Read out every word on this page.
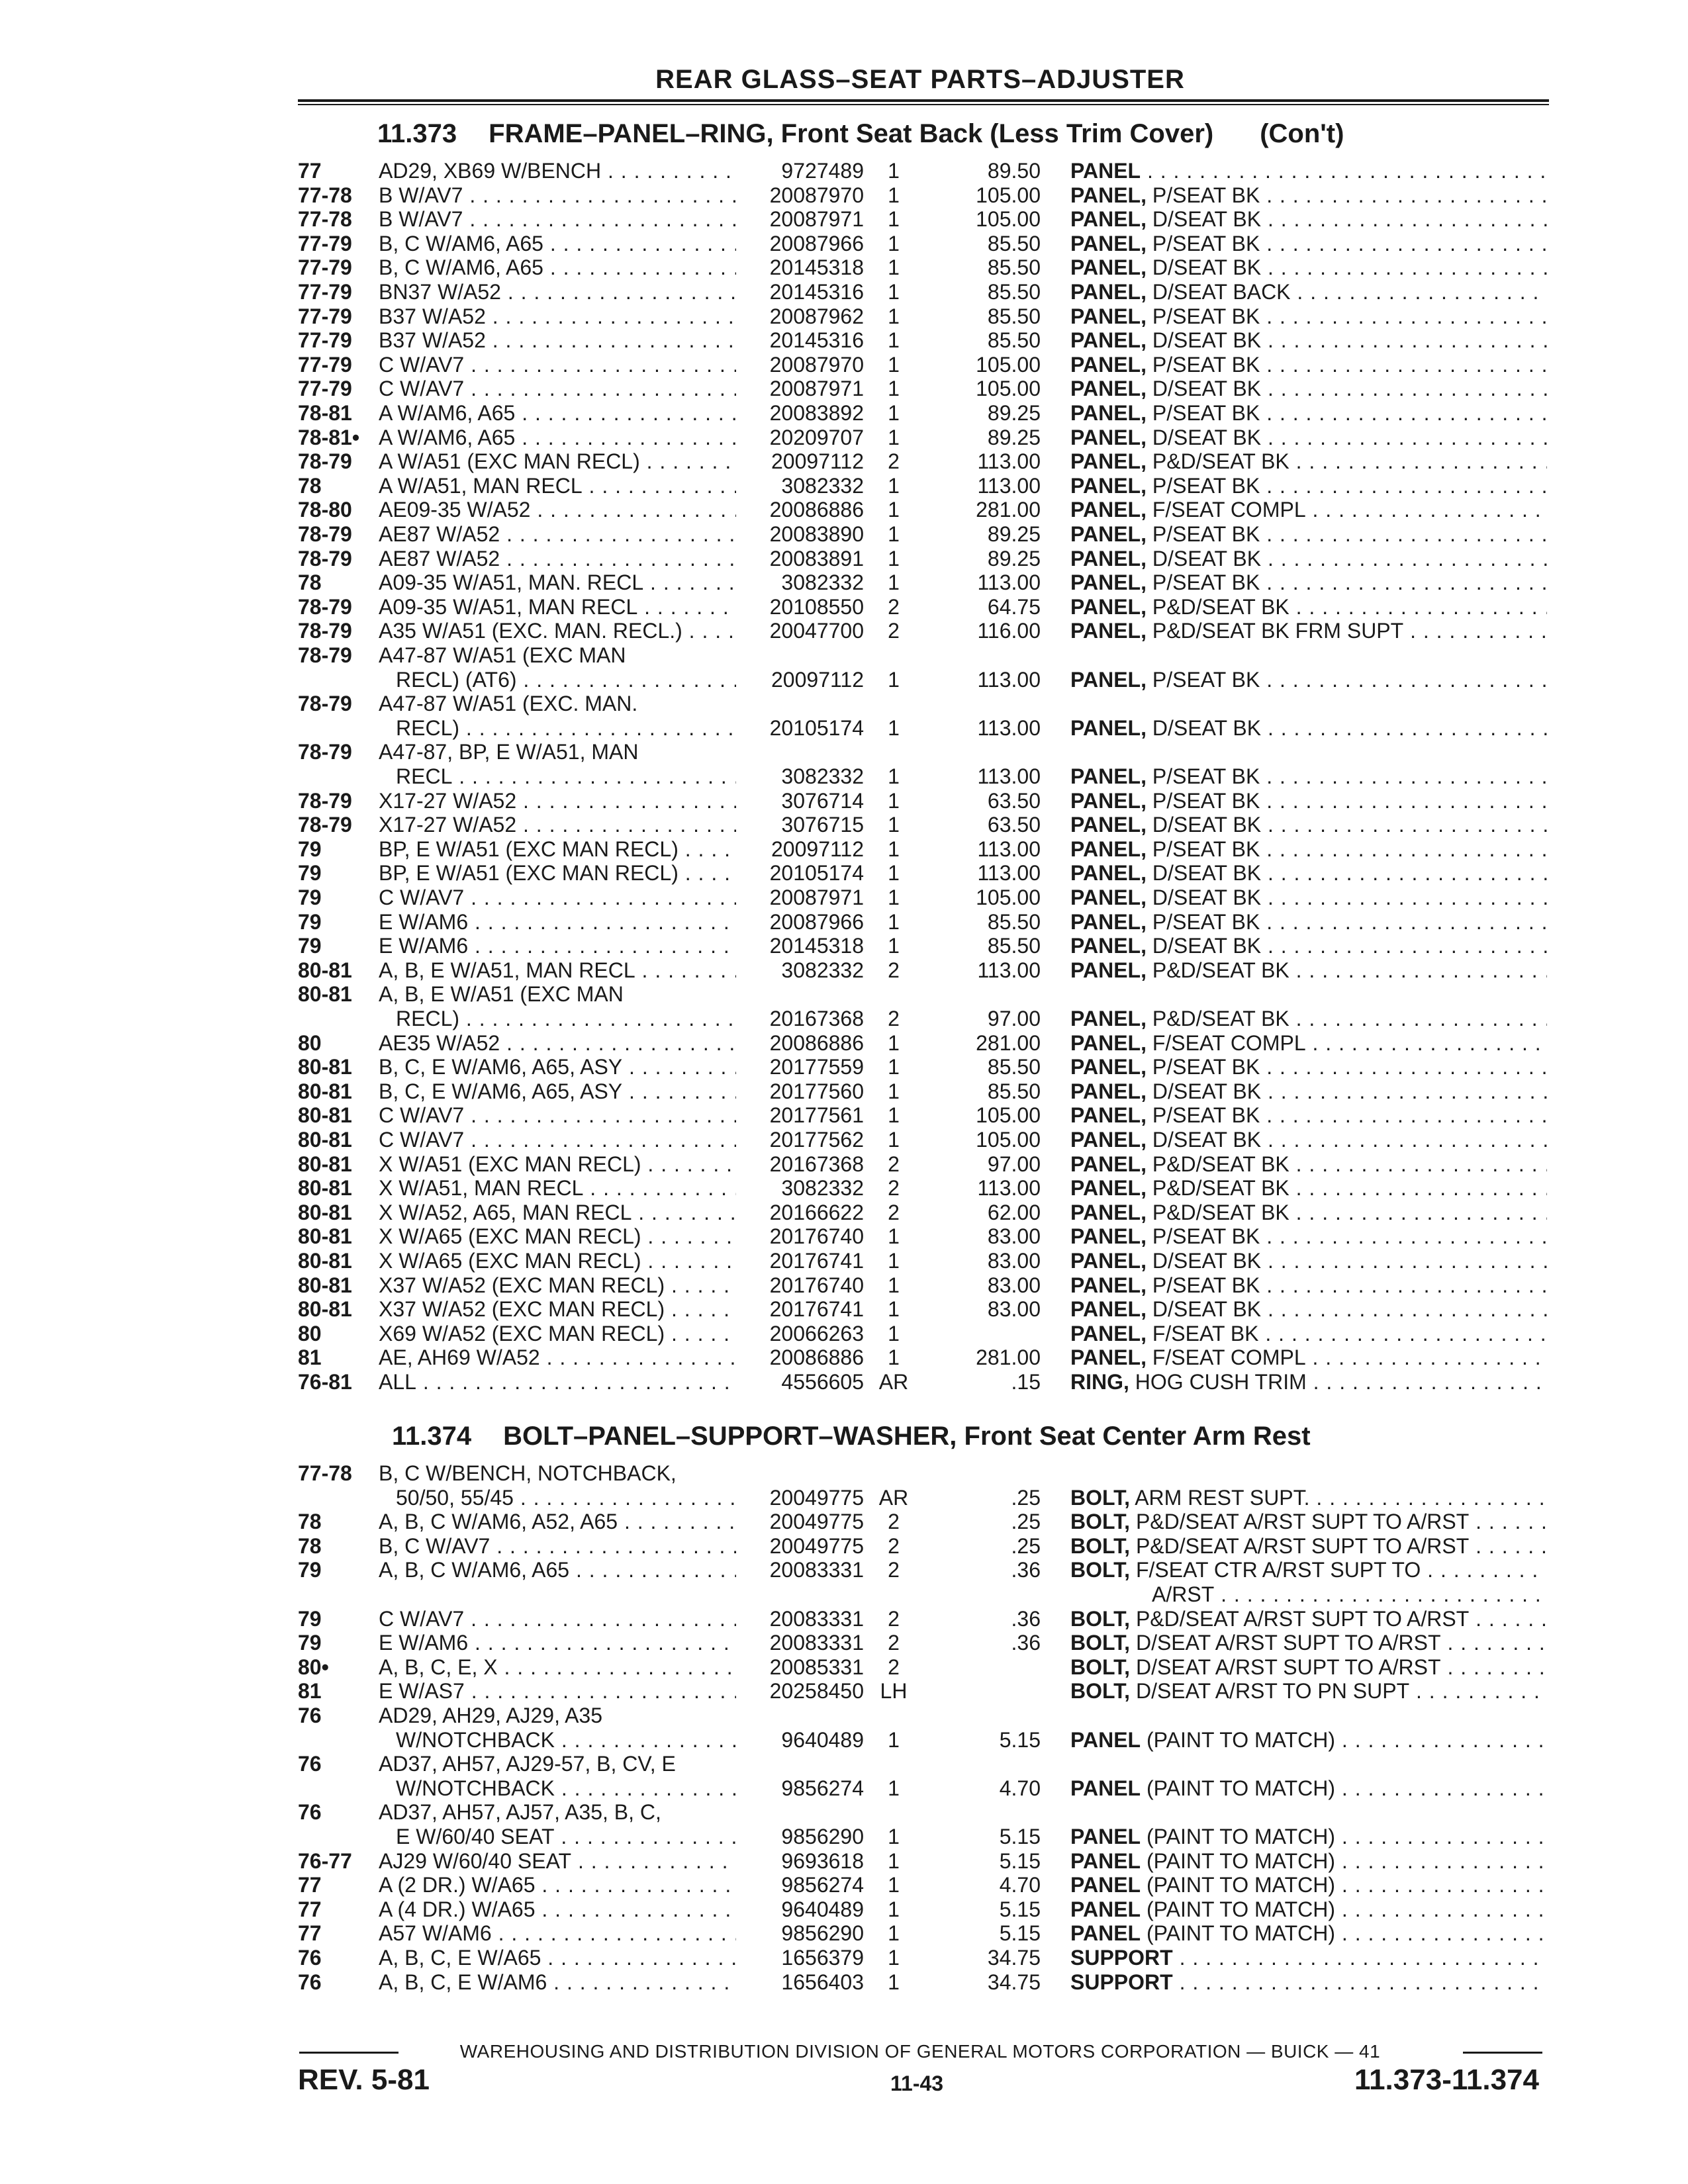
REAR GLASS–SEAT PARTS–ADJUSTER
11.373 FRAME–PANEL–RING, Front Seat Back (Less Trim Cover) (Con't)
77	AD29, XB69 W/BENCH . . .	9727489	1	89.50 PANEL . . .
77-78 B W/AV7 . . .	20087970	1	105.00 PANEL, P/SEAT BK . . .
77-78 B W/AV7 . . .	20087971	1	105.00 PANEL, D/SEAT BK . . .
77-79 B, C W/AM6, A65 . . .	20087966	1	85.50 PANEL, P/SEAT BK . . .
77-79 B, C W/AM6, A65 . . .	20145318	1	85.50 PANEL, D/SEAT BK . . .
77-79 BN37 W/A52 . . .	20145316	1	85.50 PANEL, D/SEAT BACK . . .
77-79 B37 W/A52 . . .	20087962	1	85.50 PANEL, P/SEAT BK . . .
77-79 B37 W/A52 . . .	20145316	1	85.50 PANEL, D/SEAT BK . . .
77-79 C W/AV7 . . .	20087970	1	105.00 PANEL, P/SEAT BK . . .
77-79 C W/AV7 . . .	20087971	1	105.00 PANEL, D/SEAT BK . . .
78-81 A W/AM6, A65 . . .	20083892	1	89.25 PANEL, P/SEAT BK . . .
78-81• A W/AM6, A65 . . .	20209707	1	89.25 PANEL, D/SEAT BK . . .
78-79 A W/A51 (EXC MAN RECL) . . .	20097112	2	113.00 PANEL, P&D/SEAT BK . . .
78	A W/A51, MAN RECL . . .	3082332	1	113.00 PANEL, P/SEAT BK . . .
78-80 AE09-35 W/A52 . . .	20086886	1	281.00 PANEL, F/SEAT COMPL . . .
78-79 AE87 W/A52 . . .	20083890	1	89.25 PANEL, P/SEAT BK . . .
78-79 AE87 W/A52 . . .	20083891	1	89.25 PANEL, D/SEAT BK . . .
78	A09-35 W/A51, MAN. RECL . . .	3082332	1	113.00 PANEL, P/SEAT BK . . .
78-79 A09-35 W/A51, MAN RECL . . .	20108550	2	64.75 PANEL, P&D/SEAT BK . . .
78-79 A35 W/A51 (EXC. MAN. RECL.) . . .	20047700	2	116.00 PANEL, P&D/SEAT BK FRM SUPT . . .
78-79 A47-87 W/A51 (EXC MAN
RECL) (AT6) . . .	20097112	1	113.00 PANEL, P/SEAT BK . . .
78-79 A47-87 W/A51 (EXC. MAN.
RECL) . . .	20105174	1	113.00 PANEL, D/SEAT BK . . .
78-79 A47-87, BP, E W/A51, MAN
RECL . . .	3082332	1	113.00 PANEL, P/SEAT BK . . .
78-79 X17-27 W/A52 . . .	3076714	1	63.50 PANEL, P/SEAT BK . . .
78-79 X17-27 W/A52 . . .	3076715	1	63.50 PANEL, D/SEAT BK . . .
79	BP, E W/A51 (EXC MAN RECL) . . .	20097112	1	113.00 PANEL, P/SEAT BK . . .
79	BP, E W/A51 (EXC MAN RECL) . . .	20105174	1	113.00 PANEL, D/SEAT BK . . .
79	C W/AV7 . . .	20087971	1	105.00 PANEL, D/SEAT BK . . .
79	E W/AM6 . . .	20087966	1	85.50 PANEL, P/SEAT BK . . .
79	E W/AM6 . . .	20145318	1	85.50 PANEL, D/SEAT BK . . .
80-81 A, B, E W/A51, MAN RECL . . .	3082332	2	113.00 PANEL, P&D/SEAT BK . . .
80-81 A, B, E W/A51 (EXC MAN
RECL) . . .	20167368	2	97.00 PANEL, P&D/SEAT BK . . .
80	AE35 W/A52 . . .	20086886	1	281.00 PANEL, F/SEAT COMPL . . .
80-81 B, C, E W/AM6, A65, ASY . . .	20177559	1	85.50 PANEL, P/SEAT BK . . .
80-81 B, C, E W/AM6, A65, ASY . . .	20177560	1	85.50 PANEL, D/SEAT BK . . .
80-81 C W/AV7 . . .	20177561	1	105.00 PANEL, P/SEAT BK . . .
80-81 C W/AV7 . . .	20177562	1	105.00 PANEL, D/SEAT BK . . .
80-81 X W/A51 (EXC MAN RECL) . . .	20167368	2	97.00 PANEL, P&D/SEAT BK . . .
80-81 X W/A51, MAN RECL . . .	3082332	2	113.00 PANEL, P&D/SEAT BK . . .
80-81 X W/A52, A65, MAN RECL . . .	20166622	2	62.00 PANEL, P&D/SEAT BK . . .
80-81 X W/A65 (EXC MAN RECL) . . .	20176740	1	83.00 PANEL, P/SEAT BK . . .
80-81 X W/A65 (EXC MAN RECL) . . .	20176741	1	83.00 PANEL, D/SEAT BK . . .
80-81 X37 W/A52 (EXC MAN RECL) . . .	20176740	1	83.00 PANEL, P/SEAT BK . . .
80-81 X37 W/A52 (EXC MAN RECL) . . .	20176741	1	83.00 PANEL, D/SEAT BK . . .
80	X69 W/A52 (EXC MAN RECL) . . .	20066263	1	PANEL, F/SEAT BK . . .
81	AE, AH69 W/A52 . . .	20086886	1	281.00 PANEL, F/SEAT COMPL . . .
76-81 ALL . . .	4556605 AR	.15 RING, HOG CUSH TRIM . . .
11.374 BOLT–PANEL–SUPPORT–WASHER, Front Seat Center Arm Rest
77-78 B, C W/BENCH, NOTCHBACK,
50/50, 55/45 . . .	20049775 AR	.25 BOLT, ARM REST SUPT. . . .
78	A, B, C W/AM6, A52, A65 . . .	20049775	2	.25 BOLT, P&D/SEAT A/RST SUPT TO A/RST . . .
78	B, C W/AV7 . . .	20049775	2	.25 BOLT, P&D/SEAT A/RST SUPT TO A/RST . . .
79	A, B, C W/AM6, A65 . . .	20083331	2	.36 BOLT, F/SEAT CTR A/RST SUPT TO . . .
A/RST . . .
79	C W/AV7 . . .	20083331	2	.36 BOLT, P&D/SEAT A/RST SUPT TO A/RST . . .
79	E W/AM6 . . .	20083331	2	.36 BOLT, D/SEAT A/RST SUPT TO A/RST . . .
80• A, B, C, E, X . . .	20085331	2	BOLT, D/SEAT A/RST SUPT TO A/RST . . .
81	E W/AS7 . . .	20258450 LH	BOLT, D/SEAT A/RST TO PN SUPT . . .
76	AD29, AH29, AJ29, A35
W/NOTCHBACK . . .	9640489	1	5.15 PANEL (PAINT TO MATCH) . . .
76	AD37, AH57, AJ29-57, B, CV, E
W/NOTCHBACK . . .	9856274	1	4.70 PANEL (PAINT TO MATCH) . . .
76	AD37, AH57, AJ57, A35, B, C,
E W/60/40 SEAT . . .	9856290	1	5.15 PANEL (PAINT TO MATCH) . . .
76-77 AJ29 W/60/40 SEAT . . .	9693618	1	5.15 PANEL (PAINT TO MATCH) . . .
77	A (2 DR.) W/A65 . . .	9856274	1	4.70 PANEL (PAINT TO MATCH) . . .
77	A (4 DR.) W/A65 . . .	9640489	1	5.15 PANEL (PAINT TO MATCH) . . .
77	A57 W/AM6 . . .	9856290	1	5.15 PANEL (PAINT TO MATCH) . . .
76	A, B, C, E W/A65 . . .	1656379	1	34.75 SUPPORT . . .
76	A, B, C, E W/AM6 . . .	1656403	1	34.75 SUPPORT . . .
WAREHOUSING AND DISTRIBUTION DIVISION OF GENERAL MOTORS CORPORATION — BUICK — 41
REV. 5-81	11-43	11.373-11.374
